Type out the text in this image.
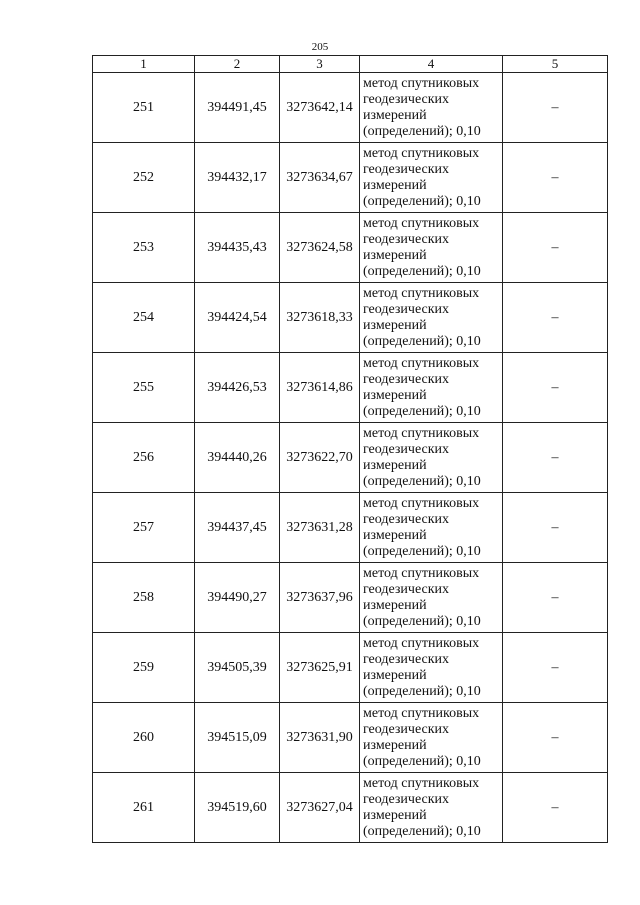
205
1	2	3	4	5
251	394491,45	3273642,14	метод спутниковых
геодезических
измерений
(определений); 0,10	–
252	394432,17	3273634,67	метод спутниковых
геодезических
измерений
(определений); 0,10	–
253	394435,43	3273624,58	метод спутниковых
геодезических
измерений
(определений); 0,10	–
254	394424,54	3273618,33	метод спутниковых
геодезических
измерений
(определений); 0,10	–
255	394426,53	3273614,86	метод спутниковых
геодезических
измерений
(определений); 0,10	–
256	394440,26	3273622,70	метод спутниковых
геодезических
измерений
(определений); 0,10	–
257	394437,45	3273631,28	метод спутниковых
геодезических
измерений
(определений); 0,10	–
258	394490,27	3273637,96	метод спутниковых
геодезических
измерений
(определений); 0,10	–
259	394505,39	3273625,91	метод спутниковых
геодезических
измерений
(определений); 0,10	–
260	394515,09	3273631,90	метод спутниковых
геодезических
измерений
(определений); 0,10	–
261	394519,60	3273627,04	метод спутниковых
геодезических
измерений
(определений); 0,10	–
